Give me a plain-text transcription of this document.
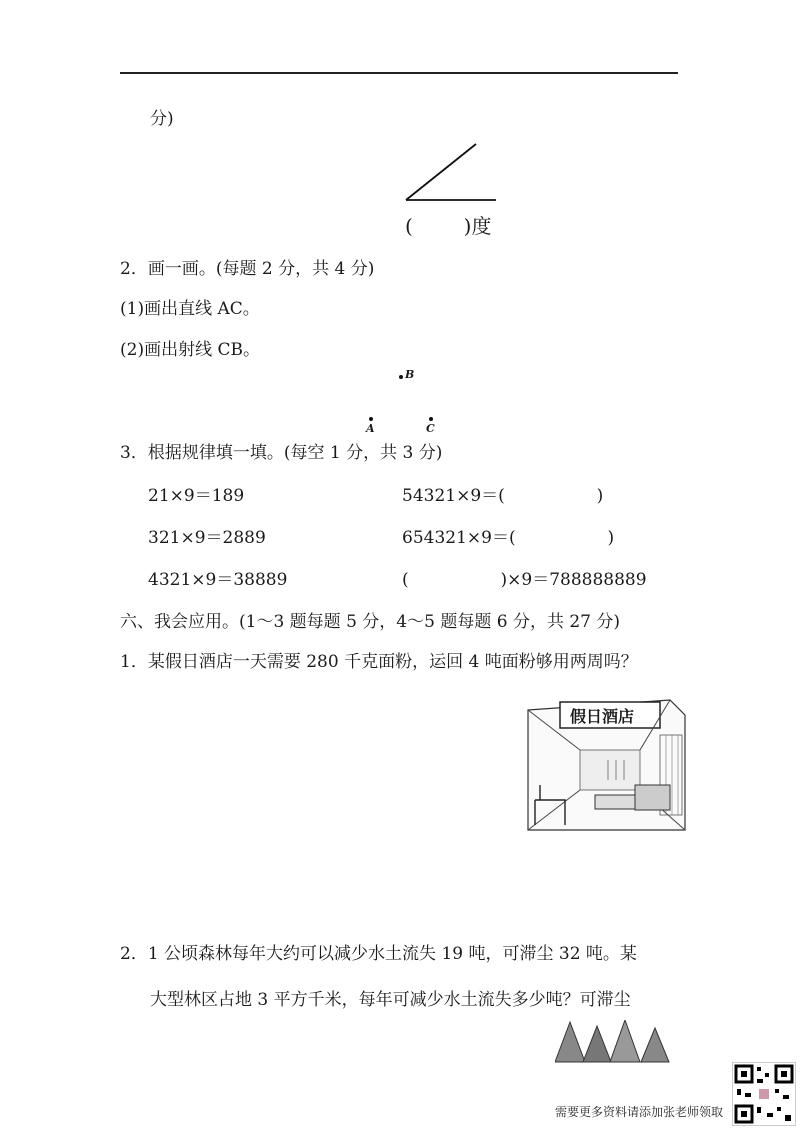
分)
(        )度
2．画一画。(每题 2 分，共 4 分)
(1)画出直线 AC。
(2)画出射线 CB。
B
A	C
3．根据规律填一填。(每空 1 分，共 3 分)
21×9＝189
321×9＝2889
4321×9＝38889
54321×9＝(                 )
654321×9＝(                 )
(                 )×9＝788888889
六、我会应用。(1～3 题每题 5 分，4～5 题每题 6 分，共 27 分)
1．某假日酒店一天需要 280 千克面粉，运回 4 吨面粉够用两周吗？
假日酒店
2．1 公顷森林每年大约可以减少水土流失 19 吨，可滞尘 32 吨。某
大型林区占地 3 平方千米，每年可减少水土流失多少吨？可滞尘
需要更多资料请添加张老师领取
